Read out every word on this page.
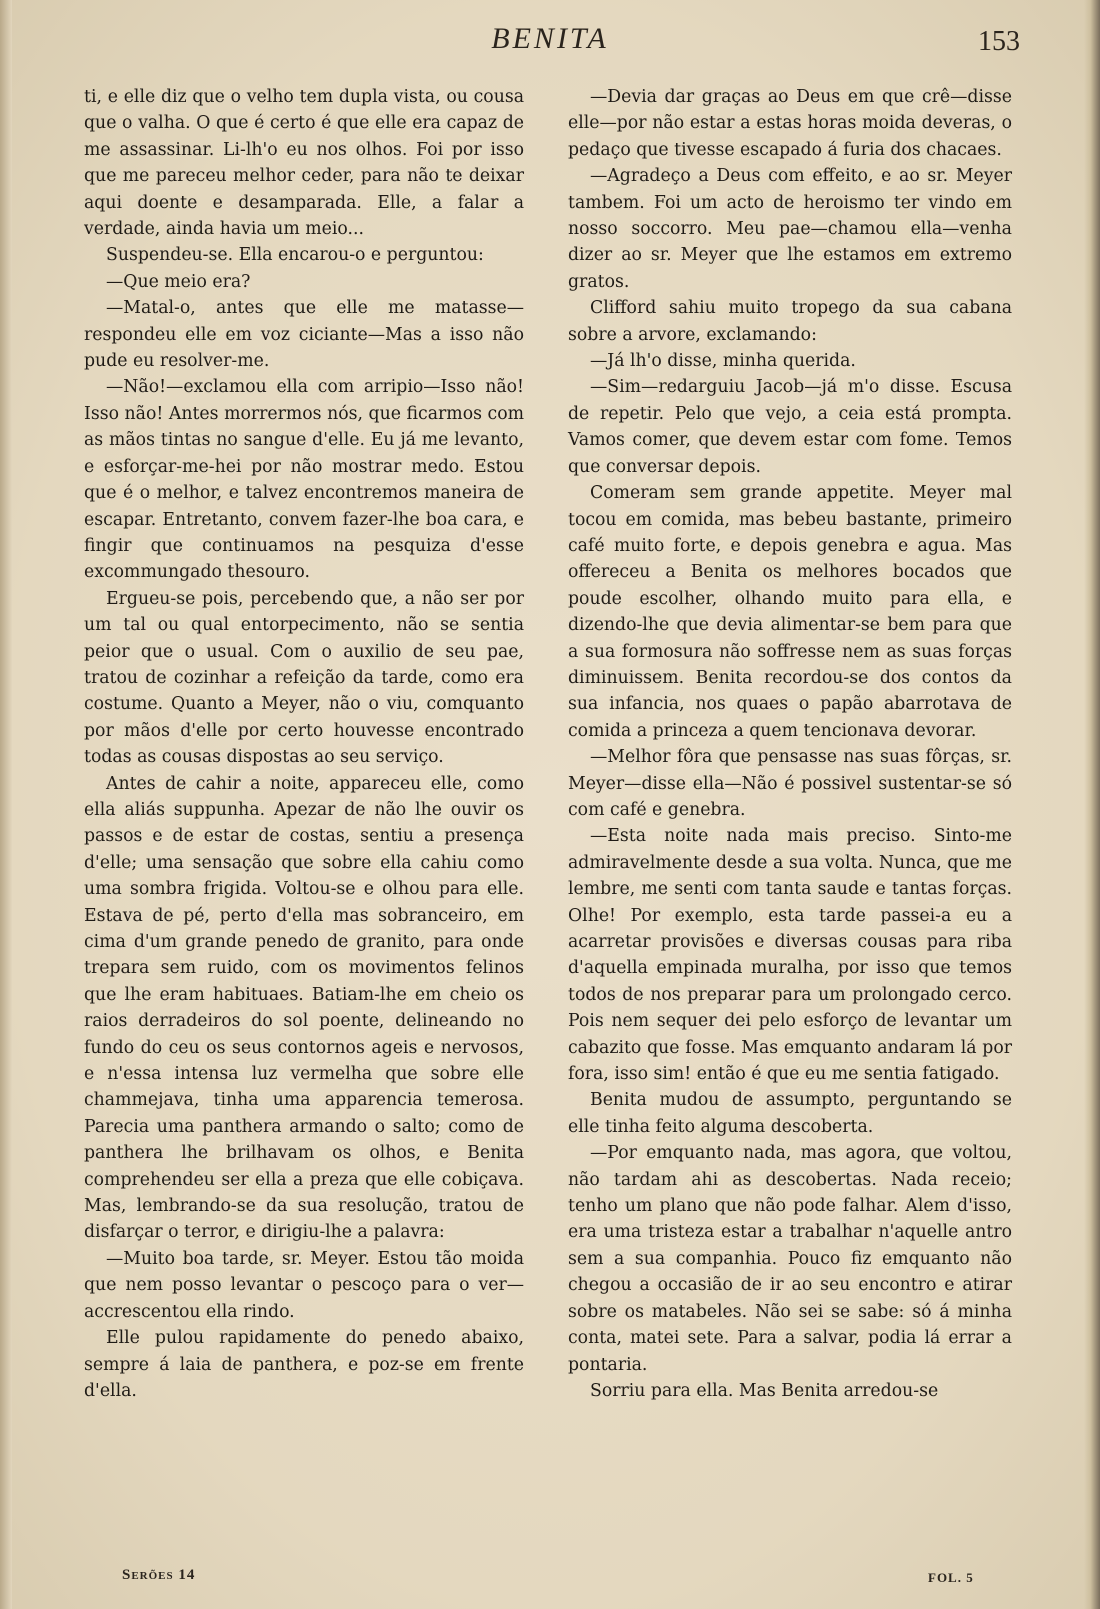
BENITA	153

ti, e elle diz que o velho tem dupla vista, ou cousa que o valha. O que é certo é que elle era capaz de me assassinar. Li-lh'o eu nos olhos. Foi por isso que me pareceu melhor ceder, para não te deixar aqui doente e desamparada. Elle, a falar a verdade, ainda havia um meio...

Suspendeu-se. Ella encarou-o e perguntou:

—Que meio era?

—Matal-o, antes que elle me matasse—respondeu elle em voz ciciante—Mas a isso não pude eu resolver-me.

—Não!—exclamou ella com arripio—Isso não! Isso não! Antes morrermos nós, que ficarmos com as mãos tintas no sangue d'elle. Eu já me levanto, e esforçar-me-hei por não mostrar medo. Estou que é o melhor, e talvez encontremos maneira de escapar. Entretanto, convem fazer-lhe boa cara, e fingir que continuamos na pesquiza d'esse excommungado thesouro.

Ergueu-se pois, percebendo que, a não ser por um tal ou qual entorpecimento, não se sentia peior que o usual. Com o auxilio de seu pae, tratou de cozinhar a refeição da tarde, como era costume. Quanto a Meyer, não o viu, comquanto por mãos d'elle por certo houvesse encontrado todas as cousas dispostas ao seu serviço.

Antes de cahir a noite, appareceu elle, como ella aliás suppunha. Apezar de não lhe ouvir os passos e de estar de costas, sentiu a presença d'elle; uma sensação que sobre ella cahiu como uma sombra frigida. Voltou-se e olhou para elle. Estava de pé, perto d'ella mas sobranceiro, em cima d'um grande penedo de granito, para onde trepara sem ruido, com os movimentos felinos que lhe eram habituaes. Batiam-lhe em cheio os raios derradeiros do sol poente, delineando no fundo do ceu os seus contornos ageis e nervosos, e n'essa intensa luz vermelha que sobre elle chammejava, tinha uma apparencia temerosa. Parecia uma panthera armando o salto; como de panthera lhe brilhavam os olhos, e Benita comprehendeu ser ella a preza que elle cobiçava. Mas, lembrando-se da sua resolução, tratou de disfarçar o terror, e dirigiu-lhe a palavra:

—Muito boa tarde, sr. Meyer. Estou tão moida que nem posso levantar o pescoço para o ver—accrescentou ella rindo.

Elle pulou rapidamente do penedo abaixo, sempre á laia de panthera, e poz-se em frente d'ella.

—Devia dar graças ao Deus em que crê—disse elle—por não estar a estas horas moida deveras, o pedaço que tivesse escapado á furia dos chacaes.

—Agradeço a Deus com effeito, e ao sr. Meyer tambem. Foi um acto de heroismo ter vindo em nosso soccorro. Meu pae—chamou ella—venha dizer ao sr. Meyer que lhe estamos em extremo gratos.

Clifford sahiu muito tropego da sua cabana sobre a arvore, exclamando:

—Já lh'o disse, minha querida.

—Sim—redarguiu Jacob—já m'o disse. Escusa de repetir. Pelo que vejo, a ceia está prompta. Vamos comer, que devem estar com fome. Temos que conversar depois.

Comeram sem grande appetite. Meyer mal tocou em comida, mas bebeu bastante, primeiro café muito forte, e depois genebra e agua. Mas offereceu a Benita os melhores bocados que poude escolher, olhando muito para ella, e dizendo-lhe que devia alimentar-se bem para que a sua formosura não soffresse nem as suas forças diminuissem. Benita recordou-se dos contos da sua infancia, nos quaes o papão abarrotava de comida a princeza a quem tencionava devorar.

—Melhor fôra que pensasse nas suas fôrças, sr. Meyer—disse ella—Não é possivel sustentar-se só com café e genebra.

—Esta noite nada mais preciso. Sinto-me admiravelmente desde a sua volta. Nunca, que me lembre, me senti com tanta saude e tantas forças. Olhe! Por exemplo, esta tarde passei-a eu a acarretar provisões e diversas cousas para riba d'aquella empinada muralha, por isso que temos todos de nos preparar para um prolongado cerco. Pois nem sequer dei pelo esforço de levantar um cabazito que fosse. Mas emquanto andaram lá por fora, isso sim! então é que eu me sentia fatigado.

Benita mudou de assumpto, perguntando se elle tinha feito alguma descoberta.

—Por emquanto nada, mas agora, que voltou, não tardam ahi as descobertas. Nada receio; tenho um plano que não pode falhar. Alem d'isso, era uma tristeza estar a trabalhar n'aquelle antro sem a sua companhia. Pouco fiz emquanto não chegou a occasião de ir ao seu encontro e atirar sobre os matabeles. Não sei se sabe: só á minha conta, matei sete. Para a salvar, podia lá errar a pontaria.

Sorriu para ella. Mas Benita arredou-se

Serões 14	FOL. 5
